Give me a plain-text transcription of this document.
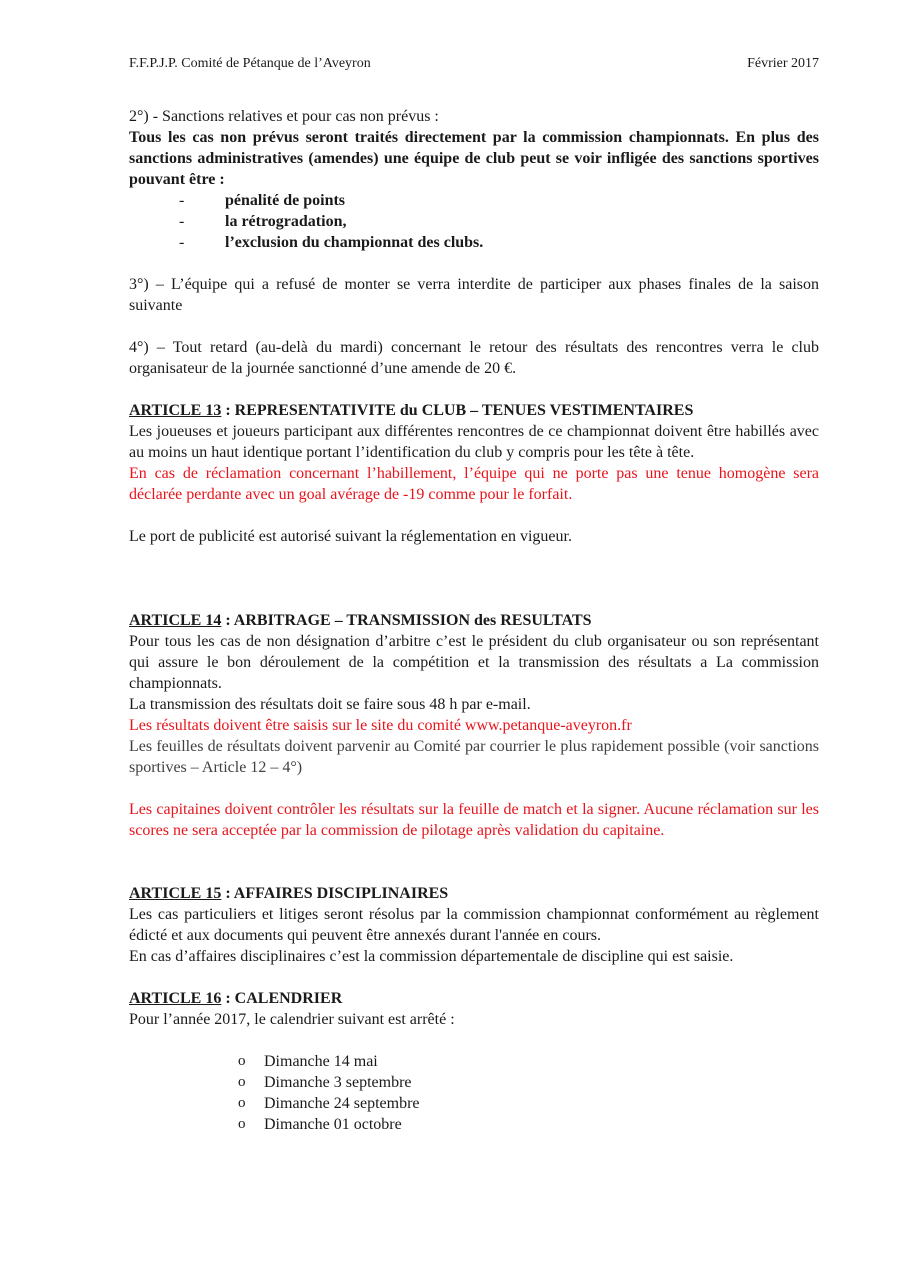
F.F.P.J.P. Comité de Pétanque de l’Aveyron	Février 2017

2°) - Sanctions relatives et pour cas non prévus :

Tous les cas non prévus seront traités directement par la commission championnats. En plus des sanctions administratives (amendes) une équipe de club peut se voir infligée des sanctions sportives pouvant être :

-	pénalité de points
-	la rétrogradation,
-	l’exclusion du championnat des clubs.

3°) – L’équipe qui a refusé de monter se verra interdite de participer aux phases finales de la saison suivante

4°) – Tout retard (au-delà du mardi) concernant le retour des résultats des rencontres verra le club organisateur de la journée sanctionné d’une amende de 20 €.

ARTICLE 13 : REPRESENTATIVITE du CLUB – TENUES VESTIMENTAIRES

Les joueuses et joueurs participant aux différentes rencontres de ce championnat doivent être habillés avec au moins un haut identique portant l’identification du club y compris pour les tête à tête.

En cas de réclamation concernant l’habillement, l’équipe qui ne porte pas une tenue homogène sera déclarée perdante avec un goal avérage de -19 comme pour le forfait.

Le port de publicité est autorisé suivant la réglementation en vigueur.

ARTICLE 14 : ARBITRAGE – TRANSMISSION des RESULTATS

Pour tous les cas de non désignation d’arbitre c’est le président du club organisateur ou son représentant qui assure le bon déroulement de la compétition et la transmission des résultats a La commission championnats.

La transmission des résultats doit se faire sous 48 h par e-mail.

Les résultats doivent être saisis sur le site du comité www.petanque-aveyron.fr

Les feuilles de résultats doivent parvenir au Comité par courrier le plus rapidement possible (voir sanctions sportives – Article 12 – 4°)

Les capitaines doivent contrôler les résultats sur la feuille de match et la signer. Aucune réclamation sur les scores ne sera acceptée par la commission de pilotage après validation du capitaine.

ARTICLE 15 : AFFAIRES DISCIPLINAIRES

Les cas particuliers et litiges seront résolus par la commission championnat conformément au règlement édicté et aux documents qui peuvent être annexés durant l'année en cours.

En cas d’affaires disciplinaires c’est la commission départementale de discipline qui est saisie.

ARTICLE 16 : CALENDRIER

Pour l’année 2017, le calendrier suivant est arrêté :

o	Dimanche 14 mai
o	Dimanche 3 septembre
o	Dimanche 24 septembre
o	Dimanche 01 octobre
